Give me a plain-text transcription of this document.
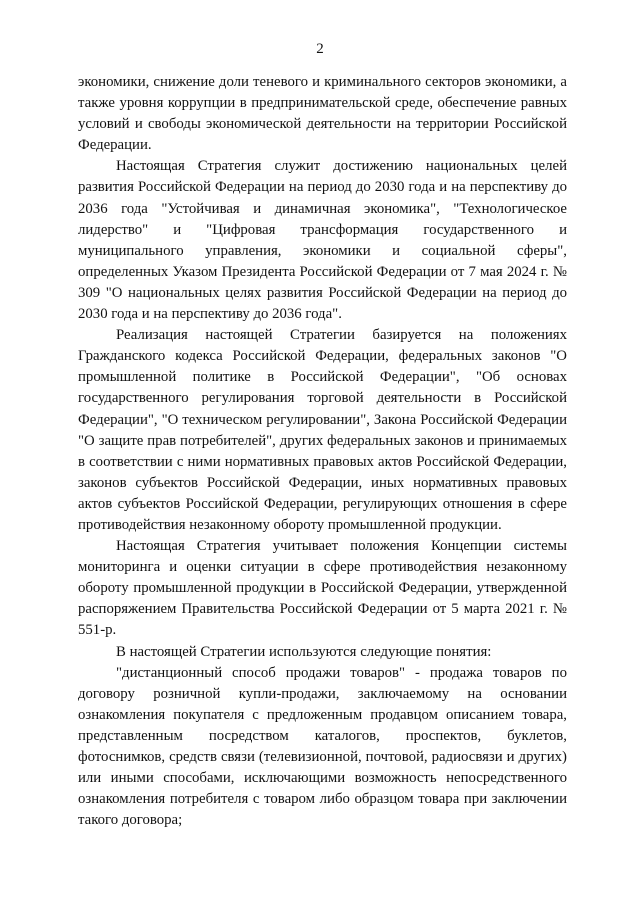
2

экономики, снижение доли теневого и криминального секторов экономики, а также уровня коррупции в предпринимательской среде, обеспечение равных условий и свободы экономической деятельности на территории Российской Федерации.

Настоящая Стратегия служит достижению национальных целей развития Российской Федерации на период до 2030 года и на перспективу до 2036 года "Устойчивая и динамичная экономика", "Технологическое лидерство" и "Цифровая трансформация государственного и муниципального управления, экономики и социальной сферы", определенных Указом Президента Российской Федерации от 7 мая 2024 г. № 309 "О национальных целях развития Российской Федерации на период до 2030 года и на перспективу до 2036 года".

Реализация настоящей Стратегии базируется на положениях Гражданского кодекса Российской Федерации, федеральных законов "О промышленной политике в Российской Федерации", "Об основах государственного регулирования торговой деятельности в Российской Федерации", "О техническом регулировании", Закона Российской Федерации "О защите прав потребителей", других федеральных законов и принимаемых в соответствии с ними нормативных правовых актов Российской Федерации, законов субъектов Российской Федерации, иных нормативных правовых актов субъектов Российской Федерации, регулирующих отношения в сфере противодействия незаконному обороту промышленной продукции.

Настоящая Стратегия учитывает положения Концепции системы мониторинга и оценки ситуации в сфере противодействия незаконному обороту промышленной продукции в Российской Федерации, утвержденной распоряжением Правительства Российской Федерации от 5 марта 2021 г. № 551-р.

В настоящей Стратегии используются следующие понятия:

"дистанционный способ продажи товаров" - продажа товаров по договору розничной купли-продажи, заключаемому на основании ознакомления покупателя с предложенным продавцом описанием товара, представленным посредством каталогов, проспектов, буклетов, фотоснимков, средств связи (телевизионной, почтовой, радиосвязи и других) или иными способами, исключающими возможность непосредственного ознакомления потребителя с товаром либо образцом товара при заключении такого договора;
